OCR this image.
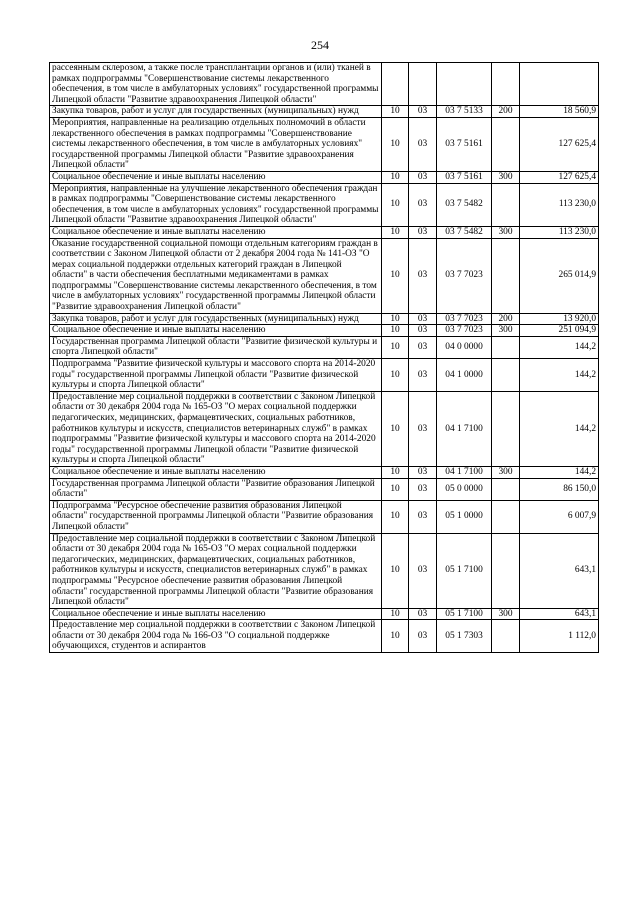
254
рассеянным склерозом, а также после трансплантации органов и (или) тканей в рамках подпрограммы "Совершенствование системы лекарственного обеспечения, в том числе в амбулаторных условиях" государственной программы Липецкой области "Развитие здравоохранения Липецкой области"					
Закупка товаров, работ и услуг для государственных (муниципальных) нужд	10	03	03 7 5133	200	18 560,9
Мероприятия, направленные на реализацию отдельных полномочий в области лекарственного обеспечения в рамках подпрограммы "Совершенствование системы лекарственного обеспечения, в том числе в амбулаторных условиях" государственной программы Липецкой области "Развитие здравоохранения Липецкой области"	10	03	03 7 5161		127 625,4
Социальное обеспечение и иные выплаты населению	10	03	03 7 5161	300	127 625,4
Мероприятия, направленные на улучшение лекарственного обеспечения граждан в рамках подпрограммы "Совершенствование системы лекарственного обеспечения, в том числе в амбулаторных условиях" государственной программы Липецкой области "Развитие здравоохранения Липецкой области"	10	03	03 7 5482		113 230,0
Социальное обеспечение и иные выплаты населению	10	03	03 7 5482	300	113 230,0
Оказание государственной социальной помощи отдельным категориям граждан в соответствии с Законом Липецкой области от 2 декабря 2004 года № 141-ОЗ "О мерах социальной поддержки отдельных категорий граждан в Липецкой области" в части обеспечения бесплатными медикаментами в рамках подпрограммы "Совершенствование системы лекарственного обеспечения, в том числе в амбулаторных условиях" государственной программы Липецкой области "Развитие здравоохранения Липецкой области"	10	03	03 7 7023		265 014,9
Закупка товаров, работ и услуг для государственных (муниципальных) нужд	10	03	03 7 7023	200	13 920,0
Социальное обеспечение и иные выплаты населению	10	03	03 7 7023	300	251 094,9
Государственная программа Липецкой области "Развитие физической культуры и спорта Липецкой области"	10	03	04 0 0000		144,2
Подпрограмма "Развитие физической культуры и массового спорта на 2014-2020 годы" государственной программы Липецкой области "Развитие физической культуры и спорта Липецкой области"	10	03	04 1 0000		144,2
Предоставление мер социальной поддержки в соответствии с Законом Липецкой области от 30 декабря 2004 года № 165-ОЗ "О мерах социальной поддержки педагогических, медицинских, фармацевтических, социальных работников, работников культуры и искусств, специалистов ветеринарных служб" в рамках подпрограммы "Развитие физической культуры и массового спорта на 2014-2020 годы" государственной программы Липецкой области "Развитие физической культуры и спорта Липецкой области"	10	03	04 1 7100		144,2
Социальное обеспечение и иные выплаты населению	10	03	04 1 7100	300	144,2
Государственная программа Липецкой области "Развитие образования Липецкой области"	10	03	05 0 0000		86 150,0
Подпрограмма "Ресурсное обеспечение развития образования Липецкой области" государственной программы Липецкой области "Развитие образования Липецкой области"	10	03	05 1 0000		6 007,9
Предоставление мер социальной поддержки в соответствии с Законом Липецкой области от 30 декабря 2004 года № 165-ОЗ "О мерах социальной поддержки педагогических, медицинских, фармацевтических, социальных работников, работников культуры и искусств, специалистов ветеринарных служб" в рамках подпрограммы "Ресурсное обеспечение развития образования Липецкой области" государственной программы Липецкой области "Развитие образования Липецкой области"	10	03	05 1 7100		643,1
Социальное обеспечение и иные выплаты населению	10	03	05 1 7100	300	643,1
Предоставление мер социальной поддержки в соответствии с Законом Липецкой области от 30 декабря 2004 года № 166-ОЗ "О социальной поддержке обучающихся, студентов и аспирантов	10	03	05 1 7303		1 112,0
